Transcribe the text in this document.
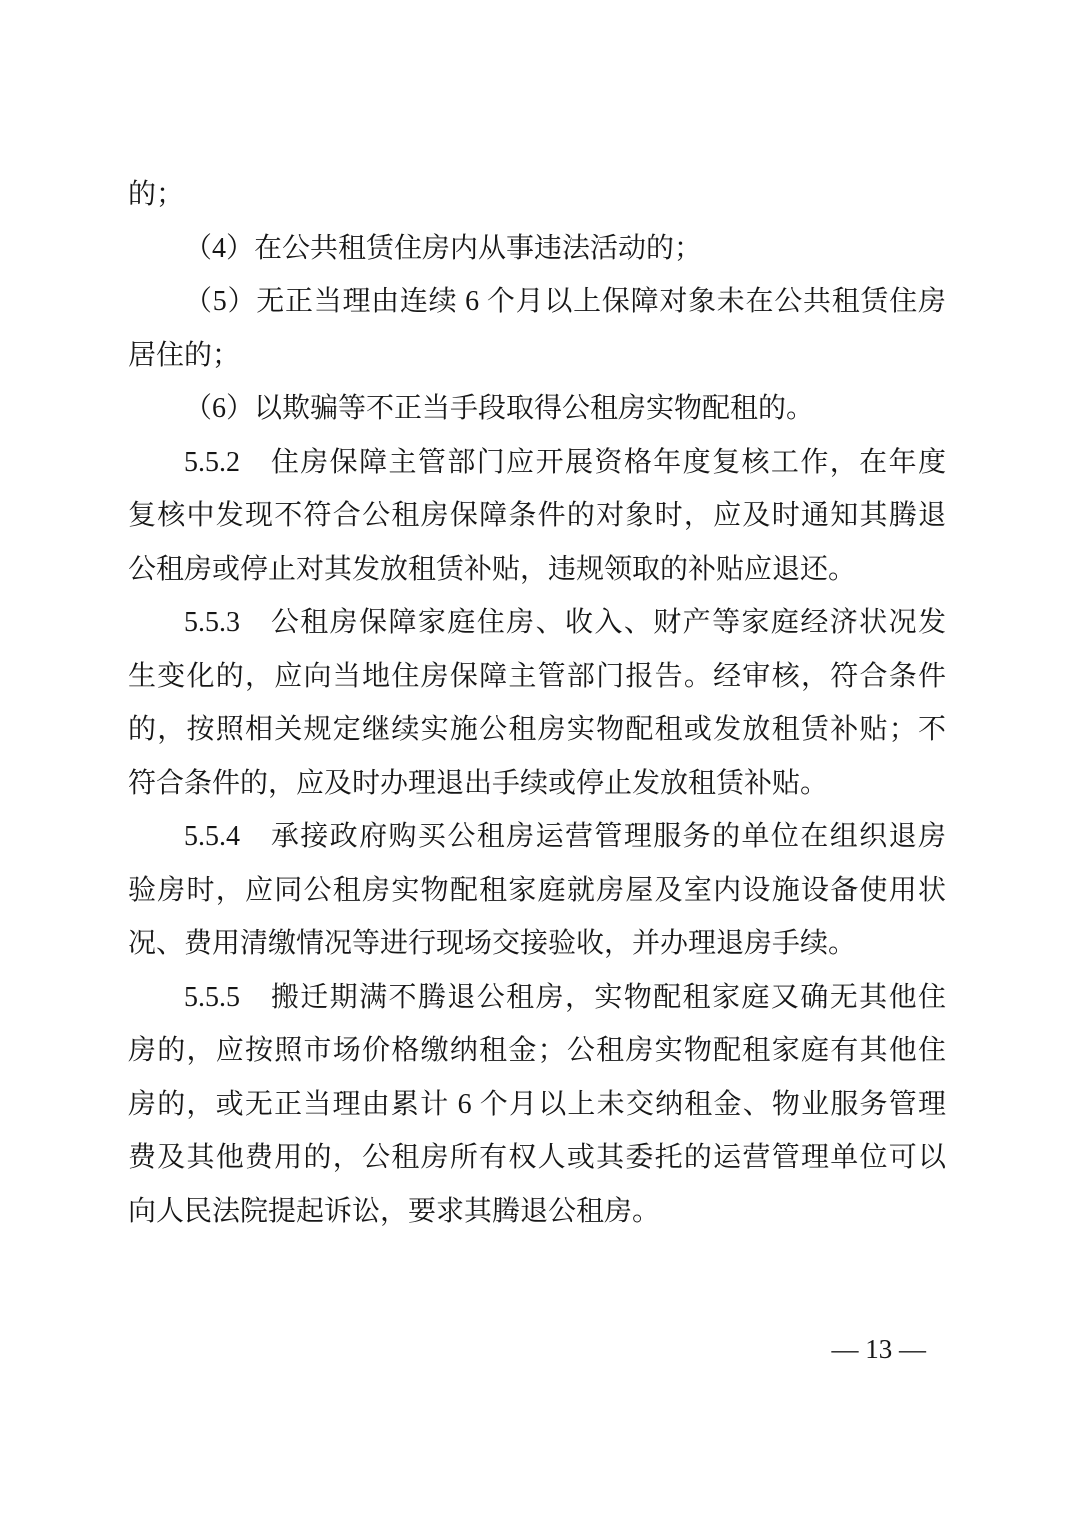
的；
（4）在公共租赁住房内从事违法活动的；
（5）无正当理由连续 6 个月以上保障对象未在公共租赁住房
居住的；
（6）以欺骗等不正当手段取得公租房实物配租的。
5.5.2　住房保障主管部门应开展资格年度复核工作，在年度
复核中发现不符合公租房保障条件的对象时，应及时通知其腾退
公租房或停止对其发放租赁补贴，违规领取的补贴应退还。
5.5.3　公租房保障家庭住房、收入、财产等家庭经济状况发
生变化的，应向当地住房保障主管部门报告。经审核，符合条件
的，按照相关规定继续实施公租房实物配租或发放租赁补贴；不
符合条件的，应及时办理退出手续或停止发放租赁补贴。
5.5.4　承接政府购买公租房运营管理服务的单位在组织退房
验房时，应同公租房实物配租家庭就房屋及室内设施设备使用状
况、费用清缴情况等进行现场交接验收，并办理退房手续。
5.5.5　搬迁期满不腾退公租房，实物配租家庭又确无其他住
房的，应按照市场价格缴纳租金；公租房实物配租家庭有其他住
房的，或无正当理由累计 6 个月以上未交纳租金、物业服务管理
费及其他费用的，公租房所有权人或其委托的运营管理单位可以
向人民法院提起诉讼，要求其腾退公租房。
— 13 —
